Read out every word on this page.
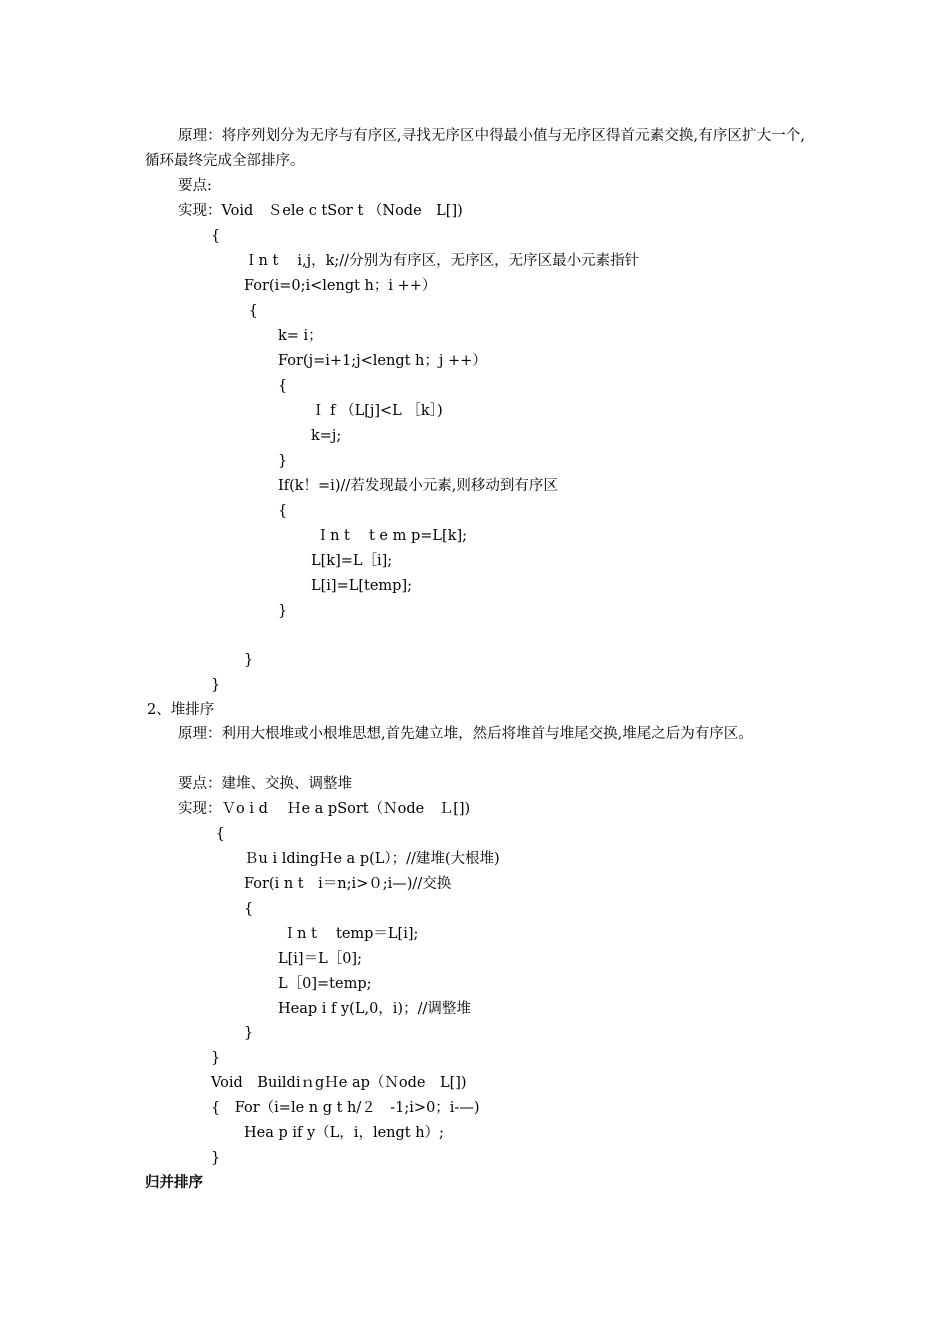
原理：将序列划分为无序与有序区,寻找无序区中得最小值与无序区得首元素交换,有序区扩大一个,循环最终完成全部排序。

要点:
实现：Void　Ｓele c tSor t （Node　L[])
{
Ｉn t　 i,j，k;//分别为有序区，无序区，无序区最小元素指针
For(i=0;i<lengt h；i ++）
{
k= i；
For(j=i+1;j<lengt h；j ++）
{
Ｉ f （L[j]<L ［k］)
k=j;
}
If(k！=i)//若发现最小元素,则移动到有序区
{
Ｉn t　 t e m p=L[k];
L[k]=L［i];
L[i]=L[temp];
}
}
}
2、堆排序

原理：利用大根堆或小根堆思想,首先建立堆，然后将堆首与堆尾交换,堆尾之后为有序区。

要点：建堆、交换、调整堆
实现：Ｖo i d　 Ｈe a pSort（Ｎode　Ｌ[])
{
Ｂu i ldingＨe a p(L）；//建堆(大根堆)
For(i n t　i＝n;i>０;i—)//交换
{
Ｉn t　 temp＝L[i];
L[i]＝L［0];
L［0]=temp;
Heap i f y(L,0，i)；//调整堆
}
}
Void　BuildiｎgＨe ap（Ｎode　L[])
{　For（i=le n g t h/２　-1;i>0；i-—)
Hea p if y（L，i，lengt h）;
}
归并排序
